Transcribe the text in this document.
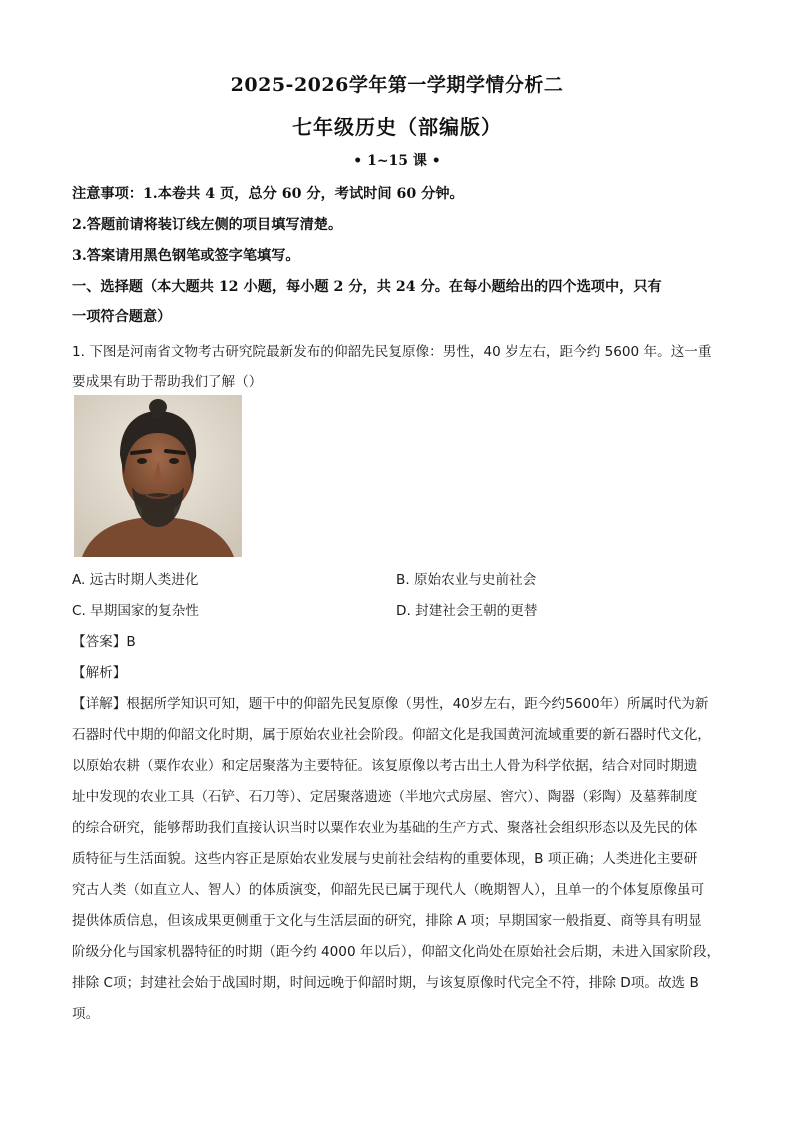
2025-2026学年第一学期学情分析二
七年级历史（部编版）
• 1~15 课 •
注意事项：1.本卷共 4 页，总分 60 分，考试时间 60 分钟。
2.答题前请将装订线左侧的项目填写清楚。
3.答案请用黑色钢笔或签字笔填写。
一、选择题（本大题共 12 小题，每小题 2 分，共 24 分。在每小题给出的四个选项中，只有
一项符合题意）
1. 下图是河南省文物考古研究院最新发布的仰韶先民复原像：男性，40 岁左右，距今约 5600 年。这一重
要成果有助于帮助我们了解（）
A. 远古时期人类进化	B. 原始农业与史前社会
C. 早期国家的复杂性	D. 封建社会王朝的更替
【答案】B
【解析】
【详解】根据所学知识可知，题干中的仰韶先民复原像（男性，40岁左右，距今约5600年）所属时代为新
石器时代中期的仰韶文化时期，属于原始农业社会阶段。仰韶文化是我国黄河流域重要的新石器时代文化，
以原始农耕（粟作农业）和定居聚落为主要特征。该复原像以考古出土人骨为科学依据，结合对同时期遗
址中发现的农业工具（石铲、石刀等）、定居聚落遗迹（半地穴式房屋、窖穴）、陶器（彩陶）及墓葬制度
的综合研究，能够帮助我们直接认识当时以粟作农业为基础的生产方式、聚落社会组织形态以及先民的体
质特征与生活面貌。这些内容正是原始农业发展与史前社会结构的重要体现，B 项正确；人类进化主要研
究古人类（如直立人、智人）的体质演变，仰韶先民已属于现代人（晚期智人），且单一的个体复原像虽可
提供体质信息，但该成果更侧重于文化与生活层面的研究，排除 A 项；早期国家一般指夏、商等具有明显
阶级分化与国家机器特征的时期（距今约 4000 年以后），仰韶文化尚处在原始社会后期，未进入国家阶段，
排除 C项；封建社会始于战国时期，时间远晚于仰韶时期，与该复原像时代完全不符，排除 D项。故选 B
项。
